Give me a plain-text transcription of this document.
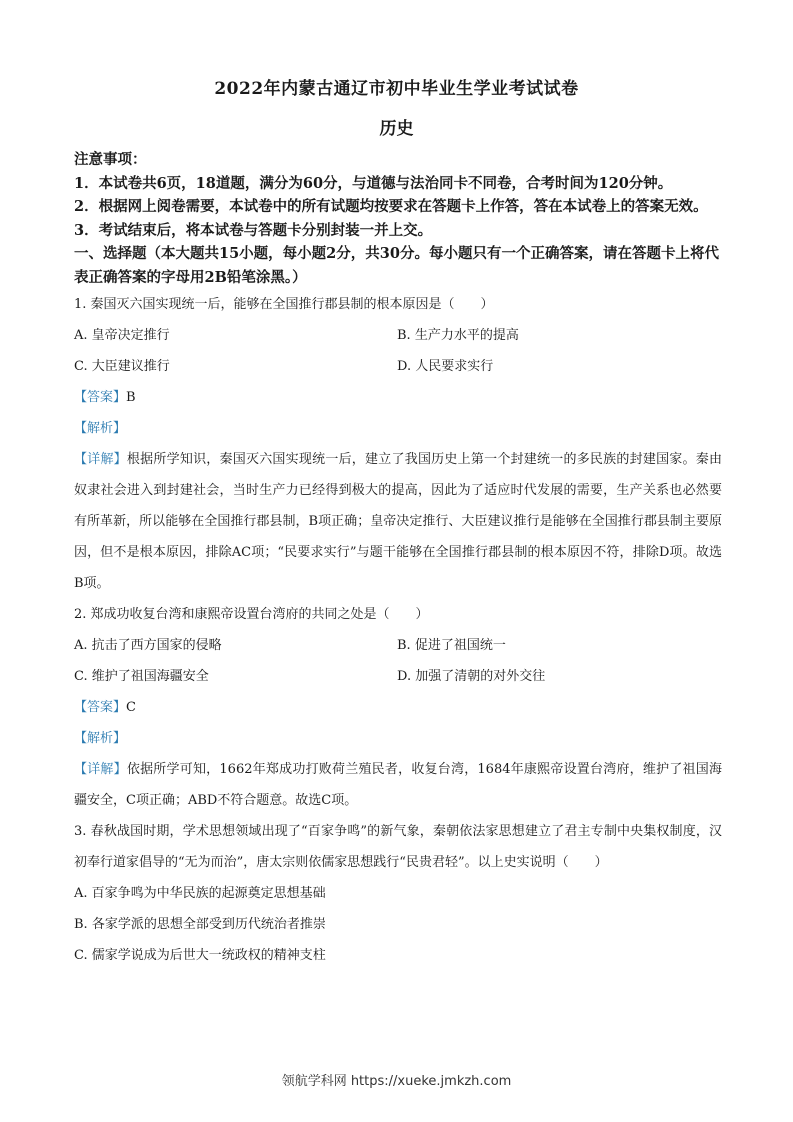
2022年内蒙古通辽市初中毕业生学业考试试卷
历史

注意事项：

1．本试卷共6页，18道题，满分为60分，与道德与法治同卡不同卷，合考时间为120分钟。

2．根据网上阅卷需要，本试卷中的所有试题均按要求在答题卡上作答，答在本试卷上的答案无效。

3．考试结束后，将本试卷与答题卡分别封装一并上交。

一、选择题（本大题共15小题，每小题2分，共30分。每小题只有一个正确答案，请在答题卡上将代表正确答案的字母用2B铅笔涂黑。）

1. 秦国灭六国实现统一后，能够在全国推行郡县制的根本原因是（　　）

A. 皇帝决定推行	B. 生产力水平的提高
C. 大臣建议推行	D. 人民要求实行

【答案】B

【解析】

【详解】根据所学知识，秦国灭六国实现统一后，建立了我国历史上第一个封建统一的多民族的封建国家。秦由奴隶社会进入到封建社会，当时生产力已经得到极大的提高，因此为了适应时代发展的需要，生产关系也必然要有所革新，所以能够在全国推行郡县制，B项正确；皇帝决定推行、大臣建议推行是能够在全国推行郡县制主要原因，但不是根本原因，排除AC项；“民要求实行”与题干能够在全国推行郡县制的根本原因不符，排除D项。故选B项。

2. 郑成功收复台湾和康熙帝设置台湾府的共同之处是（　　）

A. 抗击了西方国家的侵略	B. 促进了祖国统一
C. 维护了祖国海疆安全	D. 加强了清朝的对外交往

【答案】C

【解析】

【详解】依据所学可知，1662年郑成功打败荷兰殖民者，收复台湾，1684年康熙帝设置台湾府，维护了祖国海疆安全，C项正确；ABD不符合题意。故选C项。

3. 春秋战国时期，学术思想领域出现了“百家争鸣”的新气象，秦朝依法家思想建立了君主专制中央集权制度，汉初奉行道家倡导的“无为而治”，唐太宗则依儒家思想践行“民贵君轻”。以上史实说明（　　）

A. 百家争鸣为中华民族的起源奠定思想基础

B. 各家学派的思想全部受到历代统治者推崇

C. 儒家学说成为后世大一统政权的精神支柱

领航学科网 https://xueke.jmkzh.com
